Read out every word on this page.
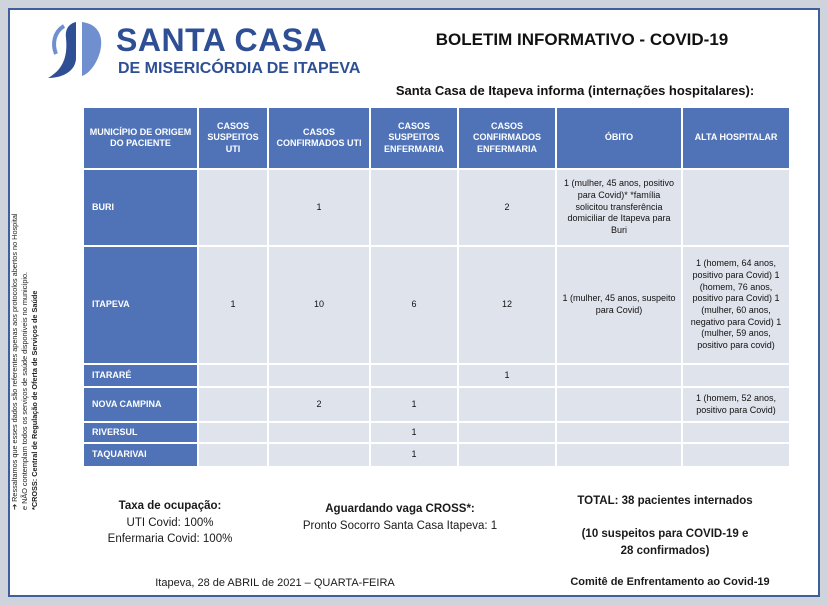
SANTA CASA
DE MISERICÓRDIA DE ITAPEVA
BOLETIM INFORMATIVO - COVID-19
Santa Casa de Itapeva informa (internações hospitalares):
➔ Ressaltamos que esses dados são referentes apenas aos protocolos abertos no Hospital e NÃO contemplam todos os serviços de saúde disponíveis no município. *CROSS: Central de Regulação de Oferta de Serviços de Saúde
MUNICÍPIO DE ORIGEM DO PACIENTE	CASOS SUSPEITOS UTI	CASOS CONFIRMADOS UTI	CASOS SUSPEITOS ENFERMARIA	CASOS CONFIRMADOS ENFERMARIA	ÓBITO	ALTA HOSPITALAR
BURI		1		2	1 (mulher, 45 anos, positivo para Covid)* *família solicitou transferência domiciliar de Itapeva para Buri	
ITAPEVA	1	10	6	12	1 (mulher, 45 anos, suspeito para Covid)	1 (homem, 64 anos, positivo para Covid) 1 (homem, 76 anos, positivo para Covid) 1 (mulher, 60 anos, negativo para Covid) 1 (mulher, 59 anos, positivo para covid)
ITARARÉ				1		
NOVA CAMPINA		2	1			1 (homem, 52 anos, positivo para Covid)
RIVERSUL			1			
TAQUARIVAI			1			
Taxa de ocupação:
UTI Covid: 100%
Enfermaria Covid: 100%
Aguardando vaga CROSS*:
Pronto Socorro Santa Casa Itapeva: 1
TOTAL: 38 pacientes internados
(10 suspeitos para COVID-19 e
28 confirmados)
Itapeva, 28 de ABRIL de 2021 – QUARTA-FEIRA	Comitê de Enfrentamento ao Covid-19
